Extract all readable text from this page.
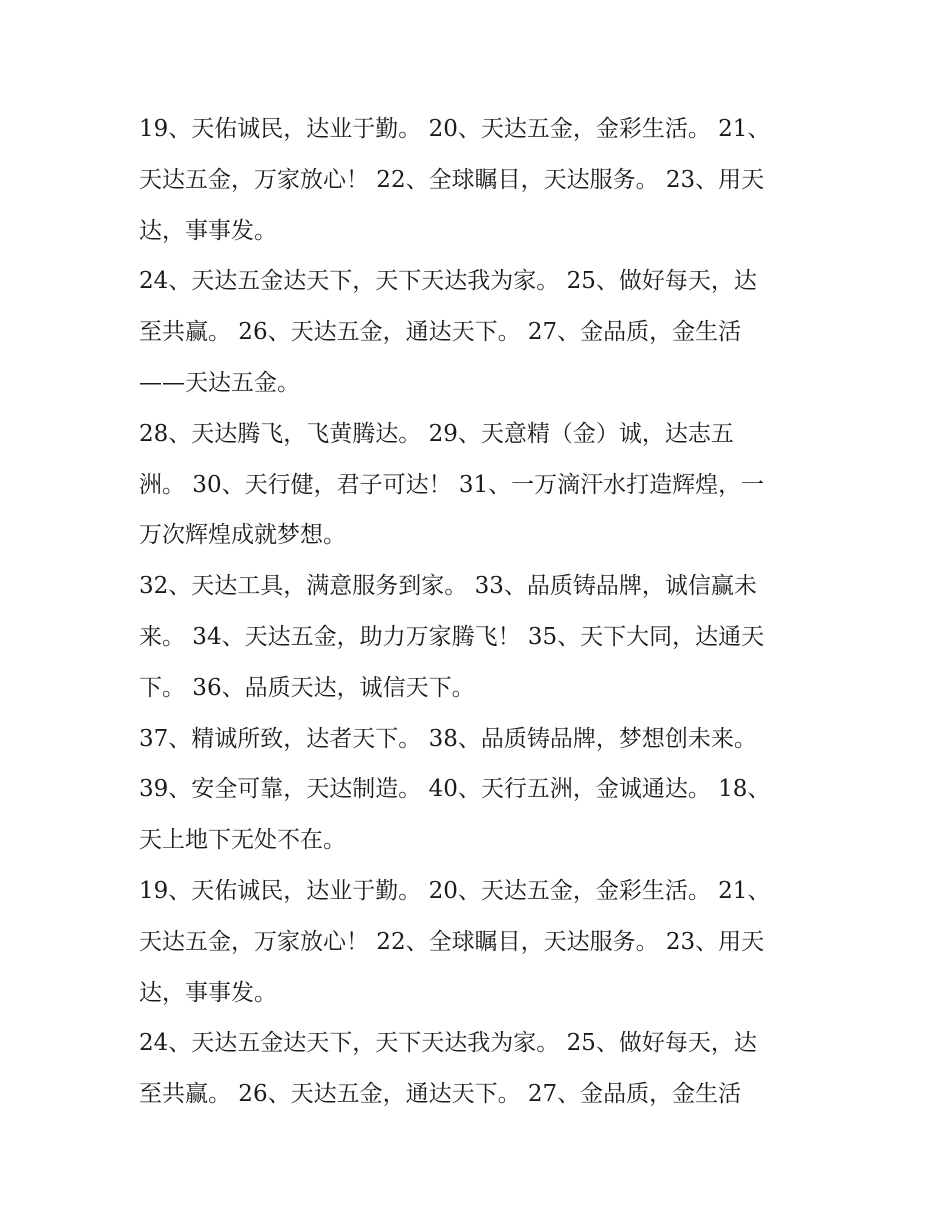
19、天佑诚民，达业于勤。 20、天达五金，金彩生活。 21、
天达五金，万家放心！ 22、全球瞩目，天达服务。 23、用天
达，事事发。
24、天达五金达天下，天下天达我为家。 25、做好每天，达
至共赢。 26、天达五金，通达天下。 27、金品质，金生活
——天达五金。
28、天达腾飞，飞黄腾达。 29、天意精（金）诚，达志五
洲。 30、天行健，君子可达！ 31、一万滴汗水打造辉煌，一
万次辉煌成就梦想。
32、天达工具，满意服务到家。 33、品质铸品牌，诚信赢未
来。 34、天达五金，助力万家腾飞！ 35、天下大同，达通天
下。 36、品质天达，诚信天下。
37、精诚所致，达者天下。 38、品质铸品牌，梦想创未来。
39、安全可靠，天达制造。 40、天行五洲，金诚通达。 18、
天上地下无处不在。
19、天佑诚民，达业于勤。 20、天达五金，金彩生活。 21、
天达五金，万家放心！ 22、全球瞩目，天达服务。 23、用天
达，事事发。
24、天达五金达天下，天下天达我为家。 25、做好每天，达
至共赢。 26、天达五金，通达天下。 27、金品质，金生活
